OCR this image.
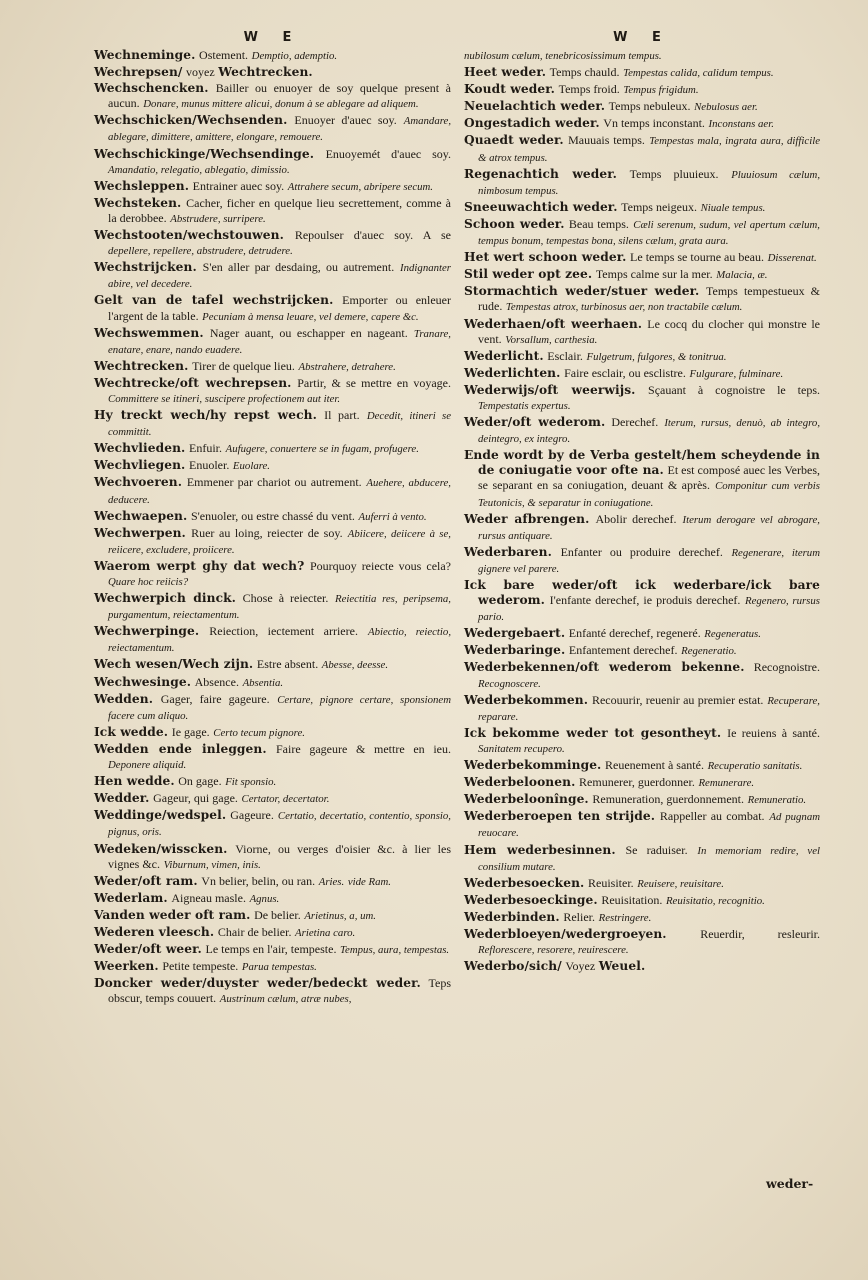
W E

Wechneminge. Ostement. Demptio, ademptio.

Wechrepsen/ voyez Wechtrecken.

Wechschencken. Bailler ou enuoyer de soy quelque present à aucun. Donare, munus mittere alicui, donum à se ablegare ad aliquem.

Wechschicken/Wechsenden. Enuoyer d'auec soy. Amandare, ablegare, dimittere, amittere, elongare, remouere.

Wechschickinge/Wechsendinge. Enuoyemét d'auec soy. Amandatio, relegatio, ablegatio, dimissio.

Wechsleppen. Entrainer auec soy. Attrahere secum, abripere secum.

Wechsteken. Cacher, ficher en quelque lieu secrettement, comme à la derobbee. Abstrudere, surripere.

Wechstooten/wechstouwen. Repoulser d'auec soy. A se depellere, repellere, abstrudere, detrudere.

Wechstrijcken. S'en aller par desdaing, ou autrement. Indignanter abire, vel decedere.

Gelt van de tafel wechstrijcken. Emporter ou enleuer l'argent de la table. Pecuniam à mensa leuare, vel demere, capere &c.

Wechswemmen. Nager auant, ou eschapper en nageant. Tranare, enatare, enare, nando euadere.

Wechtrecken. Tirer de quelque lieu. Abstrahere, detrahere.

Wechtrecke/oft wechrepsen. Partir, & se mettre en voyage. Committere se itineri, suscipere profectionem aut iter.

Hy treckt wech/hy repst wech. Il part. Decedit, itineri se committit.

Wechvlieden. Enfuir. Aufugere, conuertere se in fugam, profugere.

Wechvliegen. Enuoler. Euolare.

Wechvoeren. Emmener par chariot ou autrement. Auehere, abducere, deducere.

Wechwaepen. S'enuoler, ou estre chassé du vent. Auferri à vento.

Wechwerpen. Ruer au loing, reiecter de soy. Abiicere, deiicere à se, reiicere, excludere, proiicere.

Waerom werpt ghy dat wech? Pourquoy reiecte vous cela? Quare hoc reiicis?

Wechwerpich dinck. Chose à reiecter. Reiectitia res, peripsema, purgamentum, reiectamentum.

Wechwerpinge. Reiection, iectement arriere. Abiectio, reiectio, reiectamentum.

Wech wesen/Wech zijn. Estre absent. Abesse, deesse.

Wechwesinge. Absence. Absentia.

Wedden. Gager, faire gageure. Certare, pignore certare, sponsionem facere cum aliquo.

Ick wedde. Ie gage. Certo tecum pignore.

Wedden ende inleggen. Faire gageure & mettre en ieu. Deponere aliquid.

Hen wedde. On gage. Fit sponsio.

Wedder. Gageur, qui gage. Certator, decertator.

Weddinge/wedspel. Gageure. Certatio, decertatio, contentio, sponsio, pignus, oris.

Wedeken/wisscken. Viorne, ou verges d'oisier &c. à lier les vignes &c. Viburnum, vimen, inis.

Weder/oft ram. Vn belier, belin, ou ran. Aries. vide Ram.

Wederlam. Aigneau masle. Agnus.

Vanden weder oft ram. De belier. Arietinus, a, um.

Wederen vleesch. Chair de belier. Arietina caro.

Weder/oft weer. Le temps en l'air, tempeste. Tempus, aura, tempestas.

Weerken. Petite tempeste. Parua tempestas.

Doncker weder/duyster weder/bedeckt weder. Teps obscur, temps couuert. Austrinum cælum, atræ nubes,

W E

nubilosum cælum, tenebricosissimum tempus.

Heet weder. Temps chauld. Tempestas calida, calidum tempus.

Koudt weder. Temps froid. Tempus frigidum.

Neuelachtich weder. Temps nebuleux. Nebulosus aer.

Ongestadich weder. Vn temps inconstant. Inconstans aer.

Quaedt weder. Mauuais temps. Tempestas mala, ingrata aura, difficile & atrox tempus.

Regenachtich weder. Temps pluuieux. Pluuiosum cælum, nimbosum tempus.

Sneeuwachtich weder. Temps neigeux. Niuale tempus.

Schoon weder. Beau temps. Cæli serenum, sudum, vel apertum cælum, tempus bonum, tempestas bona, silens cælum, grata aura.

Het wert schoon weder. Le temps se tourne au beau. Disserenat.

Stil weder opt zee. Temps calme sur la mer. Malacia, æ.

Stormachtich weder/stuer weder. Temps tempestueux & rude. Tempestas atrox, turbinosus aer, non tractabile cælum.

Wederhaen/oft weerhaen. Le cocq du clocher qui monstre le vent. Vorsallum, carthesia.

Wederlicht. Esclair. Fulgetrum, fulgores, & tonitrua.

Wederlichten. Faire esclair, ou esclistre. Fulgurare, fulminare.

Wederwijs/oft weerwijs. Sçauant à cognoistre le teps. Tempestatis expertus.

Weder/oft wederom. Derechef. Iterum, rursus, denuò, ab integro, deintegro, ex integro.

Ende wordt by de Verba gestelt/hem scheydende in de coniugatie voor ofte na. Et est composé auec les Verbes, se separant en sa coniugation, deuant & après. Componitur cum verbis Teutonicis, & separatur in coniugatione.

Weder afbrengen. Abolir derechef. Iterum derogare vel abrogare, rursus antiquare.

Wederbaren. Enfanter ou produire derechef. Regenerare, iterum gignere vel parere.

Ick bare weder/oft ick wederbare/ick bare wederom. I'enfante derechef, ie produis derechef. Regenero, rursus pario.

Wedergebaert. Enfanté derechef, regeneré. Regeneratus.

Wederbaringe. Enfantement derechef. Regeneratio.

Wederbekennen/oft wederom bekenne. Recognoistre. Recognoscere.

Wederbekommen. Recouurir, reuenir au premier estat. Recuperare, reparare.

Ick bekomme weder tot gesontheyt. Ie reuiens à santé. Sanitatem recupero.

Wederbekomminge. Reuenement à santé. Recuperatio sanitatis.

Wederbeloonen. Remunerer, guerdonner. Remunerare.

Wederbeloonînge. Remuneration, guerdonnement. Remuneratio.

Wederberoepen ten strijde. Rappeller au combat. Ad pugnam reuocare.

Hem wederbesinnen. Se raduiser. In memoriam redire, vel consilium mutare.

Wederbesoecken. Reuisiter. Reuisere, reuisitare.

Wederbesoeckinge. Reuisitation. Reuisitatio, recognitio.

Wederbinden. Relier. Restringere.

Wederbloeyen/wedergroeyen.	Reuerdir, resleurir. Reflorescere, resorere, reuirescere.

Wederbo/sich/ Voyez Weuel.

weder-
